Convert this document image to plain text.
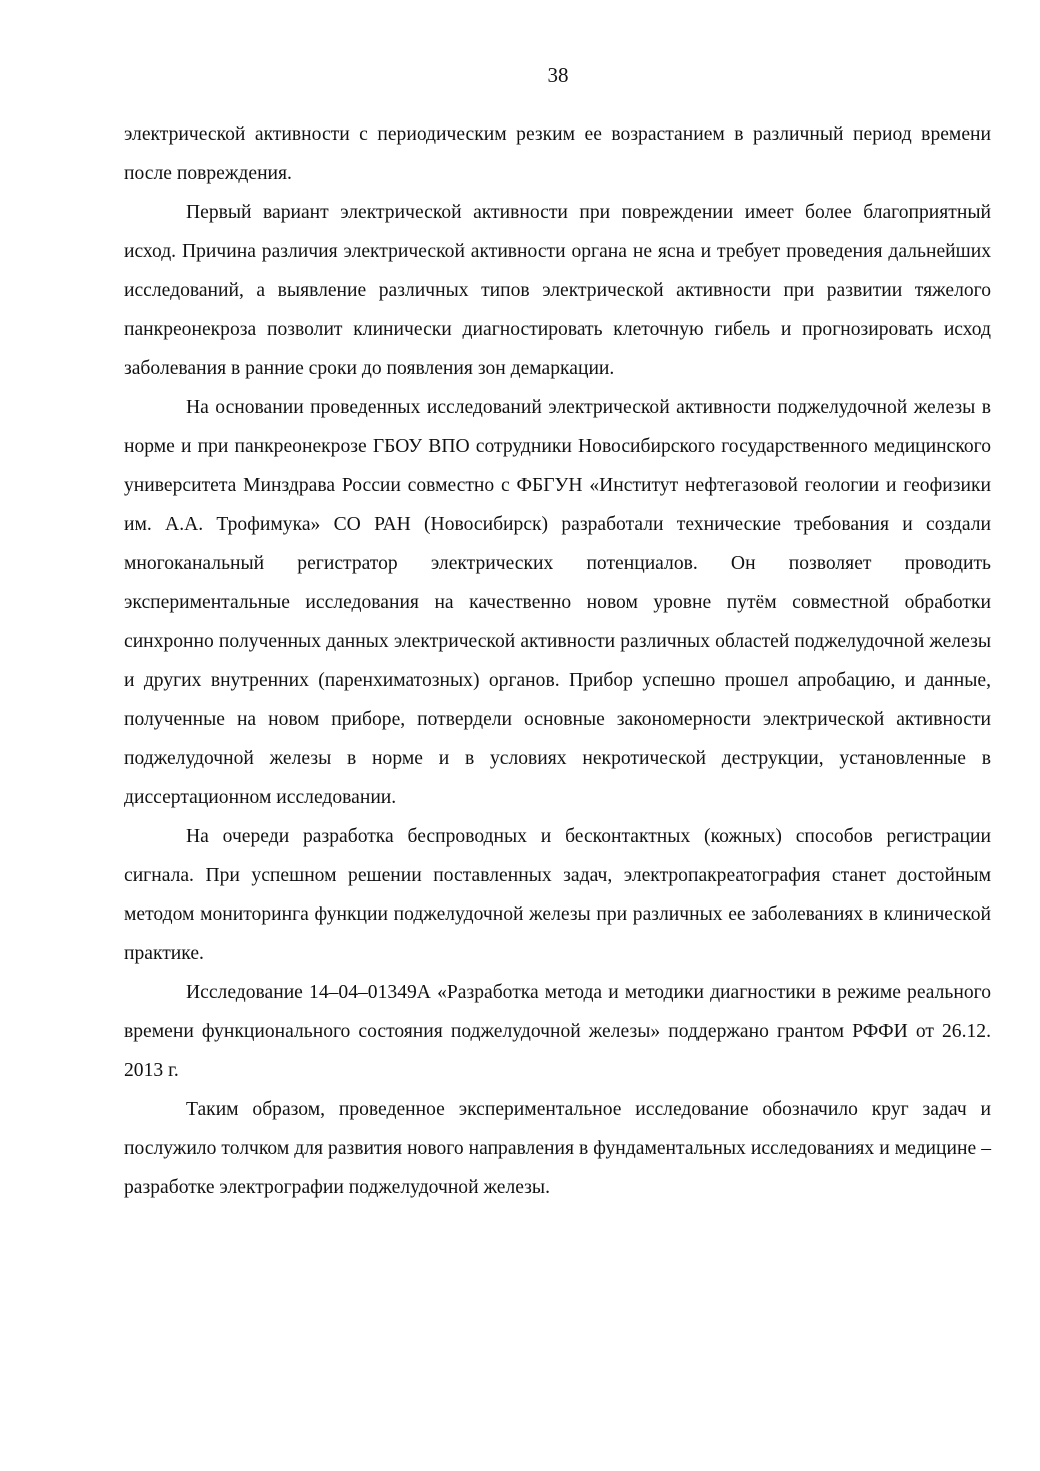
38

электрической активности с периодическим резким ее возрастанием в различный период времени после повреждения.

Первый вариант электрической активности при повреждении имеет более благоприятный исход. Причина различия электрической активности органа не ясна и требует проведения дальнейших исследований, а выявление различных типов электрической активности при развитии тяжелого панкреонекроза позволит клинически диагностировать клеточную гибель и прогнозировать исход заболевания в ранние сроки до появления зон демаркации.

На основании проведенных исследований электрической активности поджелудочной железы в норме и при панкреонекрозе ГБОУ ВПО сотрудники Новосибирского государственного медицинского университета Минздрава России совместно с ФБГУН «Институт нефтегазовой геологии и геофизики им. А.А. Трофимука» СО РАН (Новосибирск) разработали технические требования и создали многоканальный регистратор электрических потенциалов. Он позволяет проводить экспериментальные исследования на качественно новом уровне путём совместной обработки синхронно полученных данных электрической активности различных областей поджелудочной железы и других внутренних (паренхиматозных) органов. Прибор успешно прошел апробацию, и данные, полученные на новом приборе, потвердели основные закономерности электрической активности поджелудочной железы в норме и в условиях некротической деструкции, установленные в диссертационном исследовании.

На очереди разработка беспроводных и бесконтактных (кожных) способов регистрации сигнала. При успешном решении поставленных задач, электропакреатография станет достойным методом мониторинга функции поджелудочной железы при различных ее заболеваниях в клинической практике.

Исследование 14–04–01349А «Разработка метода и методики диагностики в режиме реального времени функционального состояния поджелудочной железы» поддержано грантом РФФИ от 26.12. 2013 г.

Таким образом, проведенное экспериментальное исследование обозначило круг задач и послужило толчком для развития нового направления в фундаментальных исследованиях и медицине – разработке электрографии поджелудочной железы.
